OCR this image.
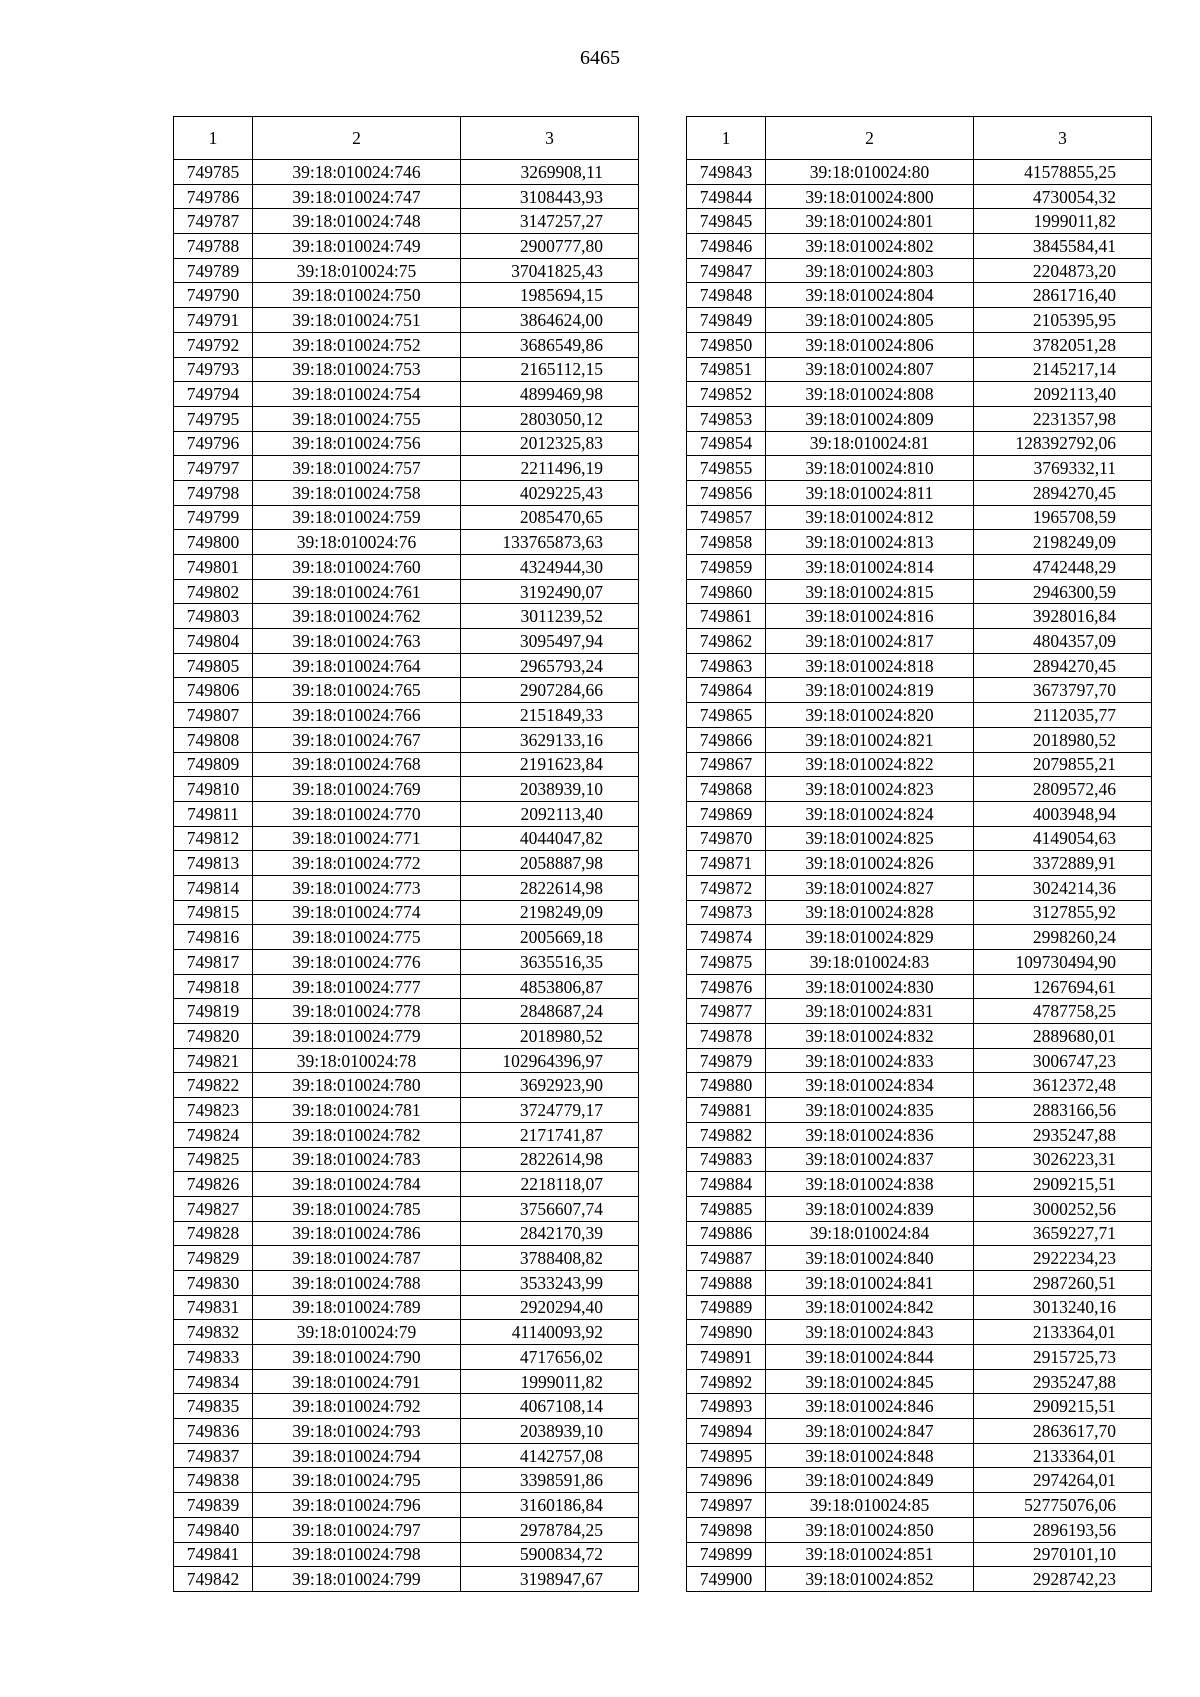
6465
1	2	3
749785	39:18:010024:746	3269908,11
749786	39:18:010024:747	3108443,93
749787	39:18:010024:748	3147257,27
749788	39:18:010024:749	2900777,80
749789	39:18:010024:75	37041825,43
749790	39:18:010024:750	1985694,15
749791	39:18:010024:751	3864624,00
749792	39:18:010024:752	3686549,86
749793	39:18:010024:753	2165112,15
749794	39:18:010024:754	4899469,98
749795	39:18:010024:755	2803050,12
749796	39:18:010024:756	2012325,83
749797	39:18:010024:757	2211496,19
749798	39:18:010024:758	4029225,43
749799	39:18:010024:759	2085470,65
749800	39:18:010024:76	133765873,63
749801	39:18:010024:760	4324944,30
749802	39:18:010024:761	3192490,07
749803	39:18:010024:762	3011239,52
749804	39:18:010024:763	3095497,94
749805	39:18:010024:764	2965793,24
749806	39:18:010024:765	2907284,66
749807	39:18:010024:766	2151849,33
749808	39:18:010024:767	3629133,16
749809	39:18:010024:768	2191623,84
749810	39:18:010024:769	2038939,10
749811	39:18:010024:770	2092113,40
749812	39:18:010024:771	4044047,82
749813	39:18:010024:772	2058887,98
749814	39:18:010024:773	2822614,98
749815	39:18:010024:774	2198249,09
749816	39:18:010024:775	2005669,18
749817	39:18:010024:776	3635516,35
749818	39:18:010024:777	4853806,87
749819	39:18:010024:778	2848687,24
749820	39:18:010024:779	2018980,52
749821	39:18:010024:78	102964396,97
749822	39:18:010024:780	3692923,90
749823	39:18:010024:781	3724779,17
749824	39:18:010024:782	2171741,87
749825	39:18:010024:783	2822614,98
749826	39:18:010024:784	2218118,07
749827	39:18:010024:785	3756607,74
749828	39:18:010024:786	2842170,39
749829	39:18:010024:787	3788408,82
749830	39:18:010024:788	3533243,99
749831	39:18:010024:789	2920294,40
749832	39:18:010024:79	41140093,92
749833	39:18:010024:790	4717656,02
749834	39:18:010024:791	1999011,82
749835	39:18:010024:792	4067108,14
749836	39:18:010024:793	2038939,10
749837	39:18:010024:794	4142757,08
749838	39:18:010024:795	3398591,86
749839	39:18:010024:796	3160186,84
749840	39:18:010024:797	2978784,25
749841	39:18:010024:798	5900834,72
749842	39:18:010024:799	3198947,67
1	2	3
749843	39:18:010024:80	41578855,25
749844	39:18:010024:800	4730054,32
749845	39:18:010024:801	1999011,82
749846	39:18:010024:802	3845584,41
749847	39:18:010024:803	2204873,20
749848	39:18:010024:804	2861716,40
749849	39:18:010024:805	2105395,95
749850	39:18:010024:806	3782051,28
749851	39:18:010024:807	2145217,14
749852	39:18:010024:808	2092113,40
749853	39:18:010024:809	2231357,98
749854	39:18:010024:81	128392792,06
749855	39:18:010024:810	3769332,11
749856	39:18:010024:811	2894270,45
749857	39:18:010024:812	1965708,59
749858	39:18:010024:813	2198249,09
749859	39:18:010024:814	4742448,29
749860	39:18:010024:815	2946300,59
749861	39:18:010024:816	3928016,84
749862	39:18:010024:817	4804357,09
749863	39:18:010024:818	2894270,45
749864	39:18:010024:819	3673797,70
749865	39:18:010024:820	2112035,77
749866	39:18:010024:821	2018980,52
749867	39:18:010024:822	2079855,21
749868	39:18:010024:823	2809572,46
749869	39:18:010024:824	4003948,94
749870	39:18:010024:825	4149054,63
749871	39:18:010024:826	3372889,91
749872	39:18:010024:827	3024214,36
749873	39:18:010024:828	3127855,92
749874	39:18:010024:829	2998260,24
749875	39:18:010024:83	109730494,90
749876	39:18:010024:830	1267694,61
749877	39:18:010024:831	4787758,25
749878	39:18:010024:832	2889680,01
749879	39:18:010024:833	3006747,23
749880	39:18:010024:834	3612372,48
749881	39:18:010024:835	2883166,56
749882	39:18:010024:836	2935247,88
749883	39:18:010024:837	3026223,31
749884	39:18:010024:838	2909215,51
749885	39:18:010024:839	3000252,56
749886	39:18:010024:84	3659227,71
749887	39:18:010024:840	2922234,23
749888	39:18:010024:841	2987260,51
749889	39:18:010024:842	3013240,16
749890	39:18:010024:843	2133364,01
749891	39:18:010024:844	2915725,73
749892	39:18:010024:845	2935247,88
749893	39:18:010024:846	2909215,51
749894	39:18:010024:847	2863617,70
749895	39:18:010024:848	2133364,01
749896	39:18:010024:849	2974264,01
749897	39:18:010024:85	52775076,06
749898	39:18:010024:850	2896193,56
749899	39:18:010024:851	2970101,10
749900	39:18:010024:852	2928742,23
